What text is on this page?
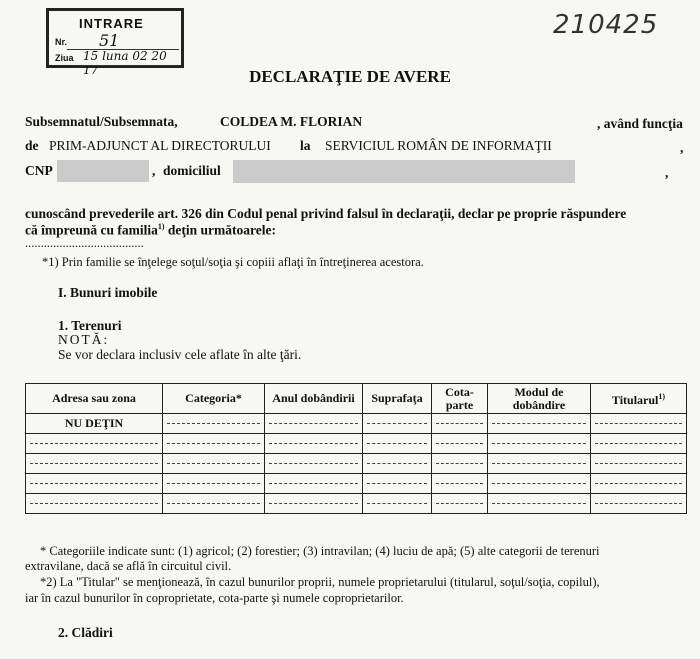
INTRARE
Nr. 51
Ziua 15 luna 02 20 17
210425
DECLARAŢIE DE AVERE
Subsemnatul/Subsemnata,	COLDEA M. FLORIAN	, având funcţia
de PRIM-ADJUNCT AL DIRECTORULUI la SERVICIUL ROMÂN DE INFORMAŢII	,
CNP	, domiciliul	,
cunoscând prevederile art. 326 din Codul penal privind falsul în declaraţii, declar pe proprie răspundere
că împreună cu familia$^{1)}$ deţin următoarele:
......................................
*1) Prin familie se înţelege soţul/soţia şi copiii aflaţi în întreţinerea acestora.
I. Bunuri imobile
1. Terenuri
NOTĂ:
Se vor declara inclusiv cele aflate în alte ţări.
Adresa sau zona	Categoria*	Anul dobândirii	Suprafaţa	Cota-parte	Modul de dobândire	Titularul$^{1)}$
NU DEŢIN	

* Categoriile indicate sunt: (1) agricol; (2) forestier; (3) intravilan; (4) luciu de apă; (5) alte categorii de terenuri
extravilane, dacă se află în circuitul civil.
*2) La "Titular" se menţionează, în cazul bunurilor proprii, numele proprietarului (titularul, soţul/soţia, copilul),
iar în cazul bunurilor în coproprietate, cota-parte şi numele coproprietarilor.
2. Clădiri
